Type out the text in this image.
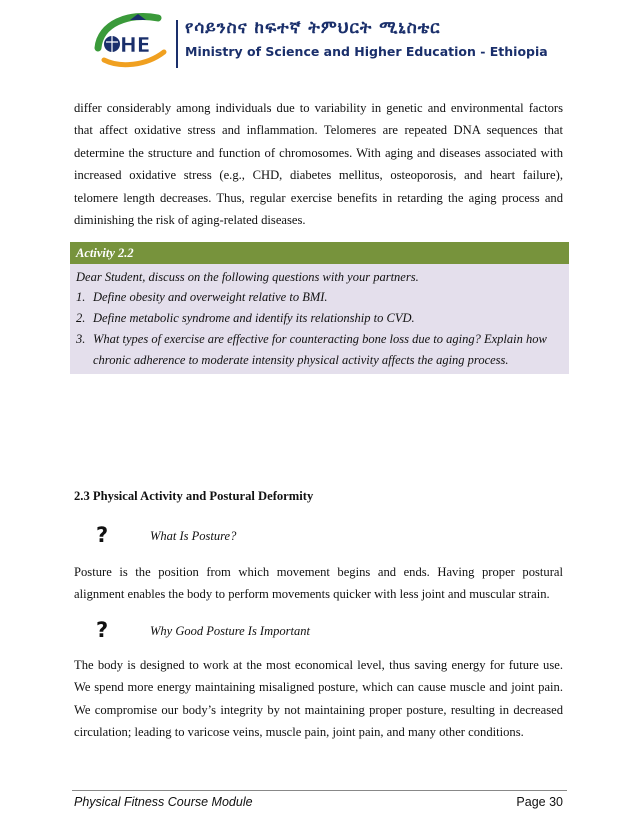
HE
የሳይንስና ከፍተኛ ትምህርት ሚኒስቴር
Ministry of Science and Higher Education - Ethiopia

differ considerably among individuals due to variability in genetic and environmental factors that affect oxidative stress and inflammation. Telomeres are repeated DNA sequences that determine the structure and function of chromosomes. With aging and diseases associated with increased oxidative stress (e.g., CHD, diabetes mellitus, osteoporosis, and heart failure), telomere length decreases. Thus, regular exercise benefits in retarding the aging process and diminishing the risk of aging-related diseases.

Activity 2.2
Dear Student, discuss on the following questions with your partners.
1. Define obesity and overweight relative to BMI.
2. Define metabolic syndrome and identify its relationship to CVD.
3. What types of exercise are effective for counteracting bone loss due to aging? Explain how chronic adherence to moderate intensity physical activity affects the aging process.
2.3 Physical Activity and Postural Deformity
?	What Is Posture?

Posture is the position from which movement begins and ends. Having proper postural alignment enables the body to perform movements quicker with less joint and muscular strain.

?	Why Good Posture Is Important

The body is designed to work at the most economical level, thus saving energy for future use. We spend more energy maintaining misaligned posture, which can cause muscle and joint pain. We compromise our body’s integrity by not maintaining proper posture, resulting in decreased circulation; leading to varicose veins, muscle pain, joint pain, and many other conditions.

Physical Fitness Course Module	Page 30
